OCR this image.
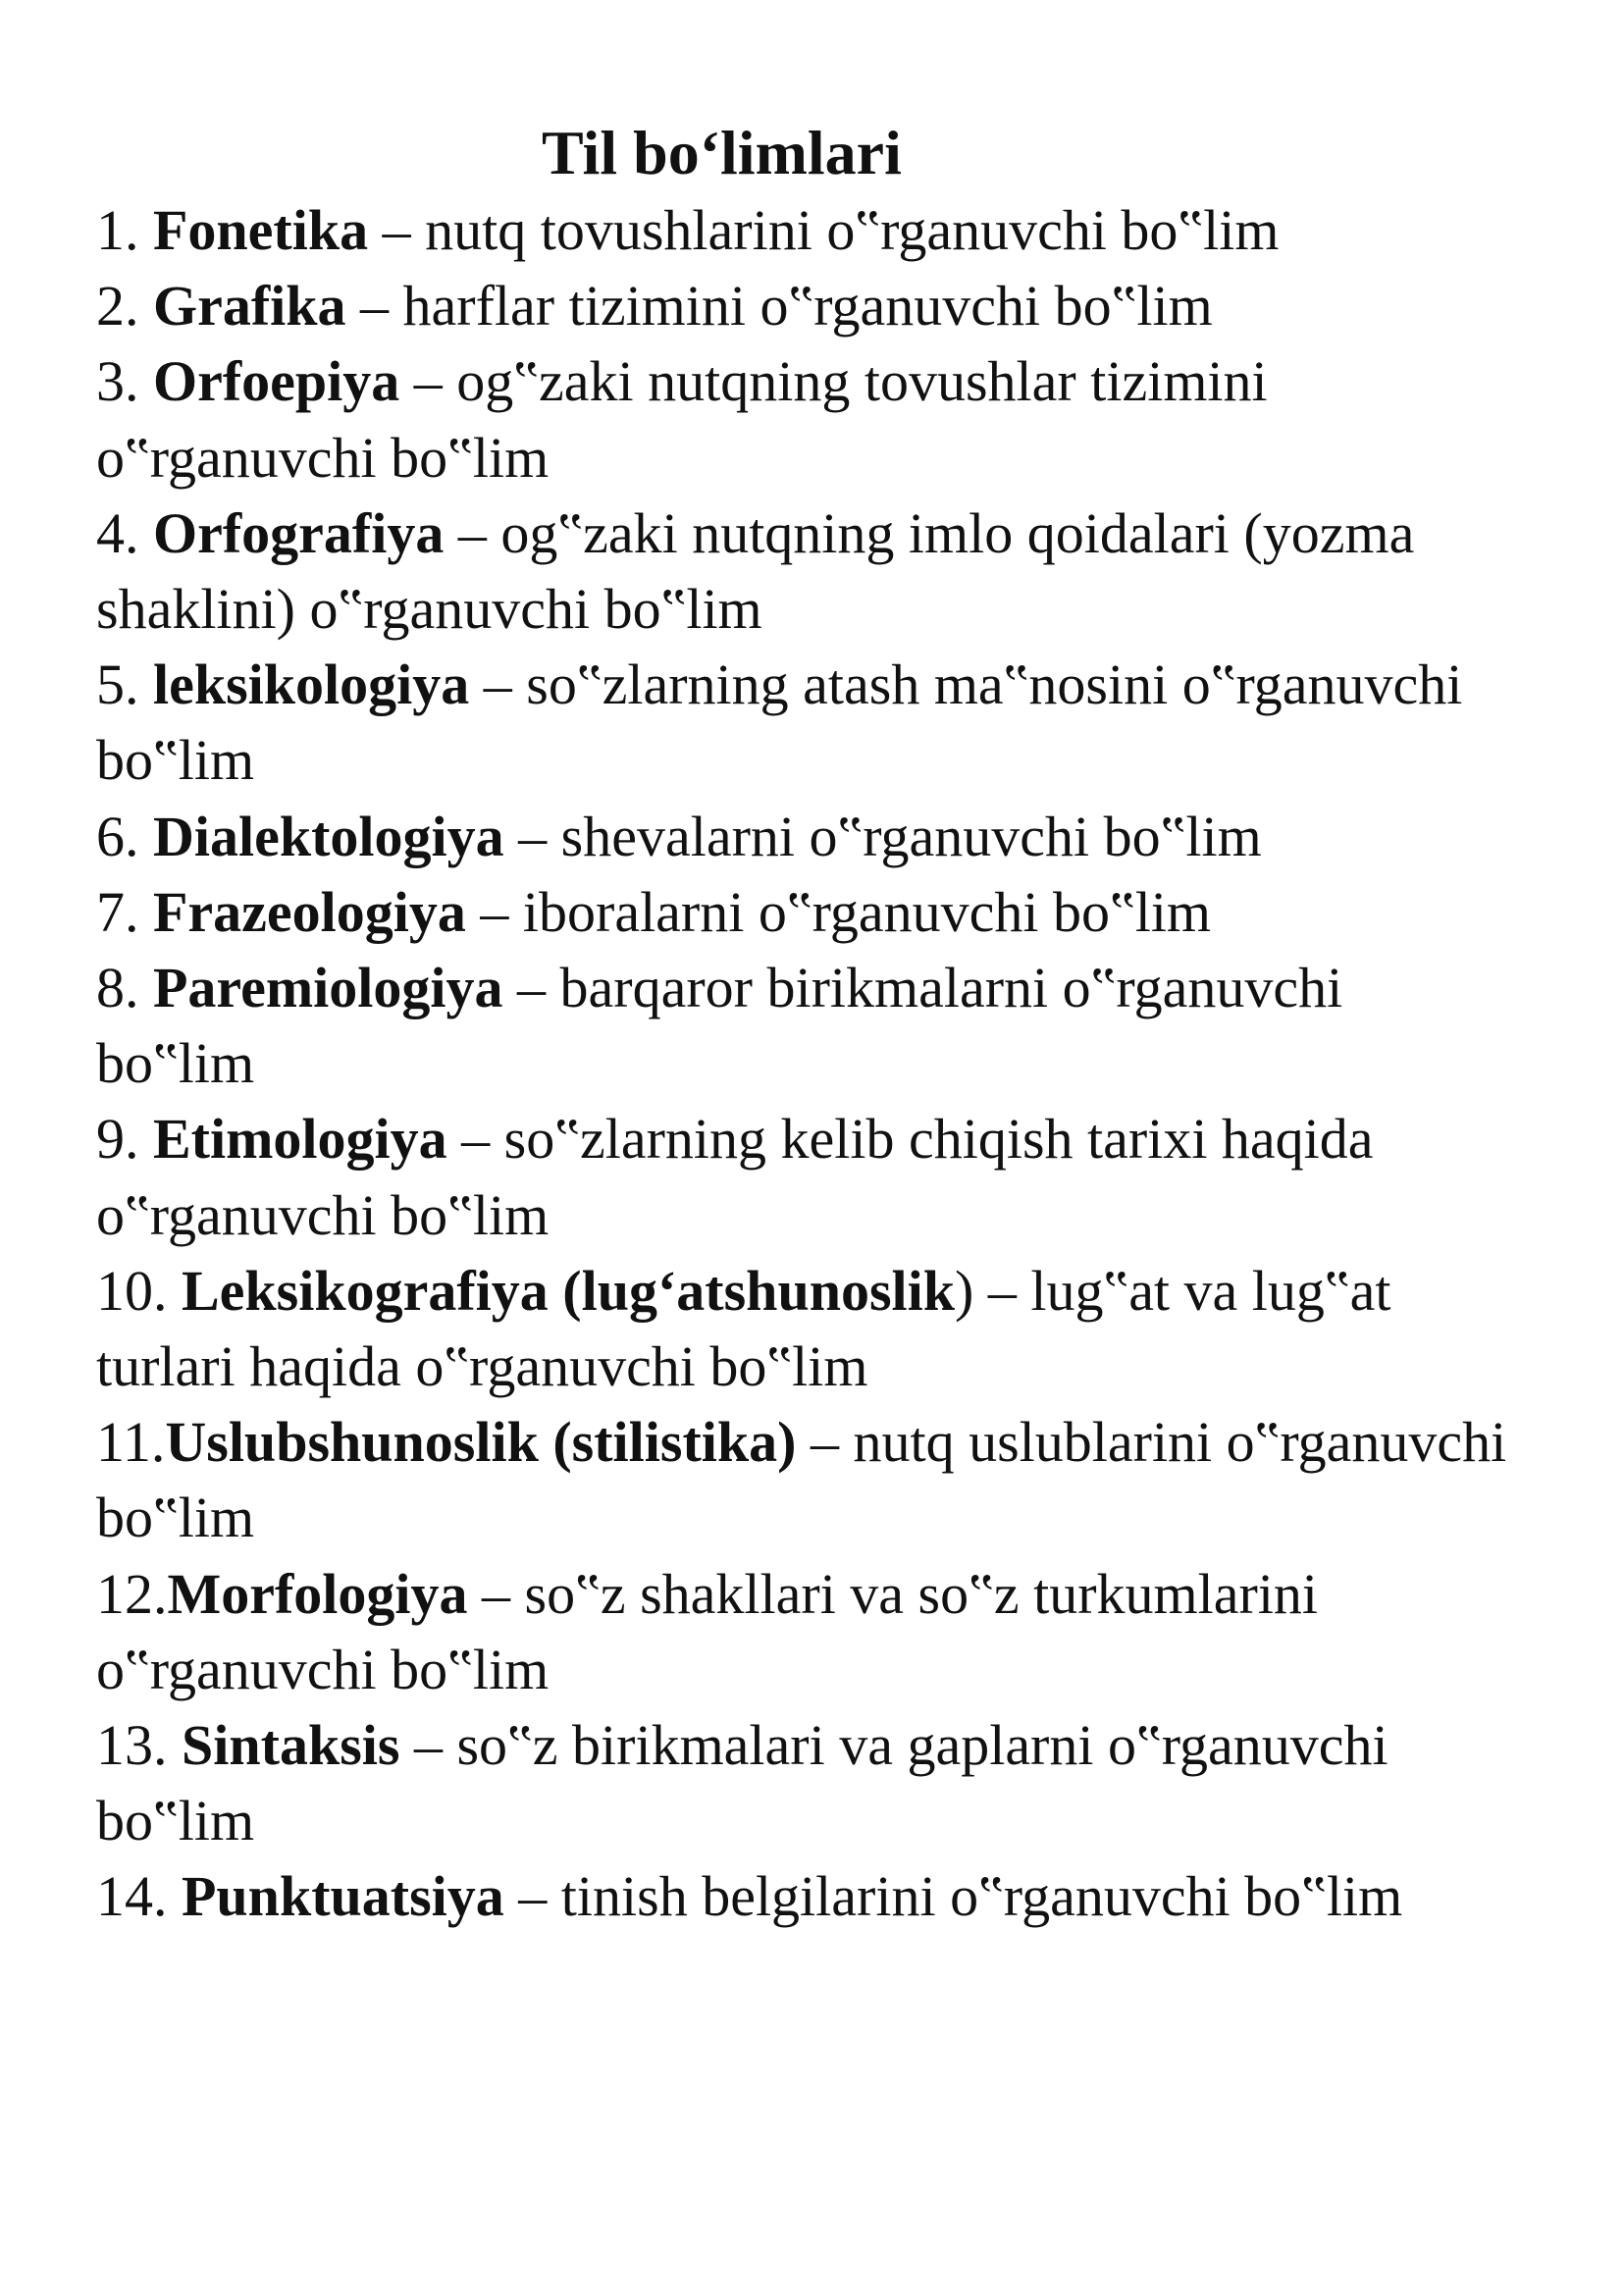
Til bo‘limlari
1. Fonetika – nutq tovushlarini o‟rganuvchi bo‟lim
2. Grafika – harflar tizimini o‟rganuvchi bo‟lim
3. Orfoepiya – og‟zaki nutqning tovushlar tizimini o‟rganuvchi bo‟lim
4. Orfografiya – og‟zaki nutqning imlo qoidalari (yozma shaklini) o‟rganuvchi bo‟lim
5. leksikologiya – so‟zlarning atash ma‟nosini o‟rganuvchi bo‟lim
6. Dialektologiya – shevalarni o‟rganuvchi bo‟lim
7. Frazeologiya – iboralarni o‟rganuvchi bo‟lim
8. Paremiologiya – barqaror birikmalarni o‟rganuvchi bo‟lim
9. Etimologiya – so‟zlarning kelib chiqish tarixi haqida o‟rganuvchi bo‟lim
10. Leksikografiya (lug‘atshunoslik) – lug‟at va lug‟at turlari haqida o‟rganuvchi bo‟lim
11.Uslubshunoslik (stilistika) – nutq uslublarini o‟rganuvchi bo‟lim
12.Morfologiya – so‟z shakllari va so‟z turkumlarini o‟rganuvchi bo‟lim
13. Sintaksis – so‟z birikmalari va gaplarni o‟rganuvchi bo‟lim
14. Punktuatsiya – tinish belgilarini o‟rganuvchi bo‟lim
